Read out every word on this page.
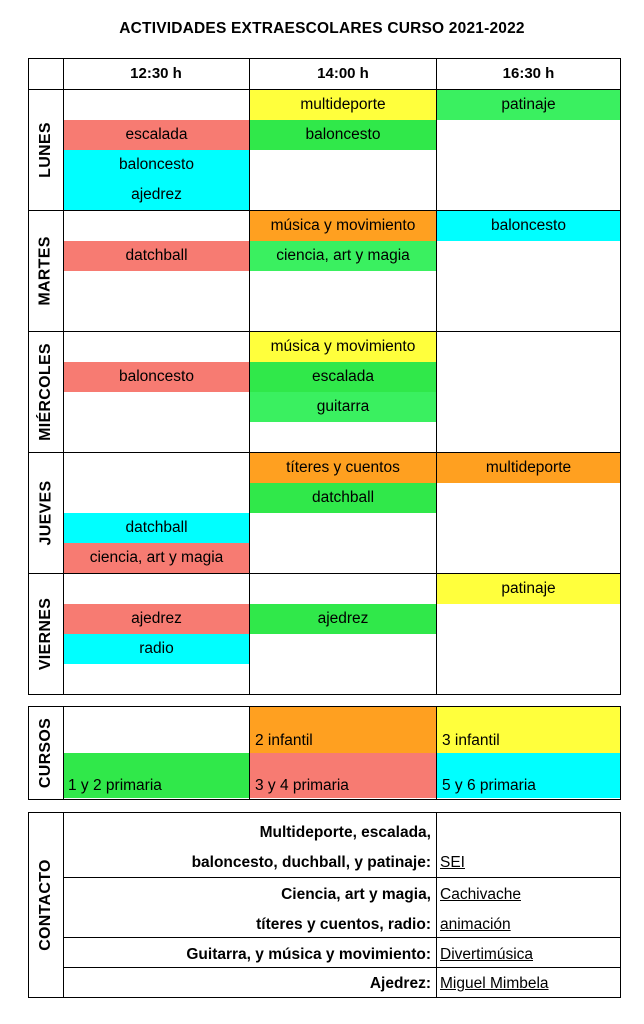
ACTIVIDADES EXTRAESCOLARES CURSO 2021-2022
12:30 h	14:00 h	16:30 h
LUNES
MARTES
MIÉRCOLES
JUEVES
VIERNES
escalada
baloncesto
ajedrez
multideporte
baloncesto
patinaje
datchball
música y movimiento
ciencia, art y magia
baloncesto
baloncesto
música y movimiento
escalada
guitarra
datchball
ciencia, art y magia
títeres y cuentos
datchball
multideporte
ajedrez
radio
ajedrez
patinaje
CURSOS 1 y 2 primaria
2 infantil
3 y 4 primaria
3 infantil
5 y 6 primaria
CONTACTO
Multideporte, escalada,
baloncesto, duchball, y patinaje: SEI
Ciencia, art y magia, Cachivache
títeres y cuentos, radio: animación
Guitarra, y música y movimiento: Divertimúsica
Ajedrez: Miguel Mimbela
